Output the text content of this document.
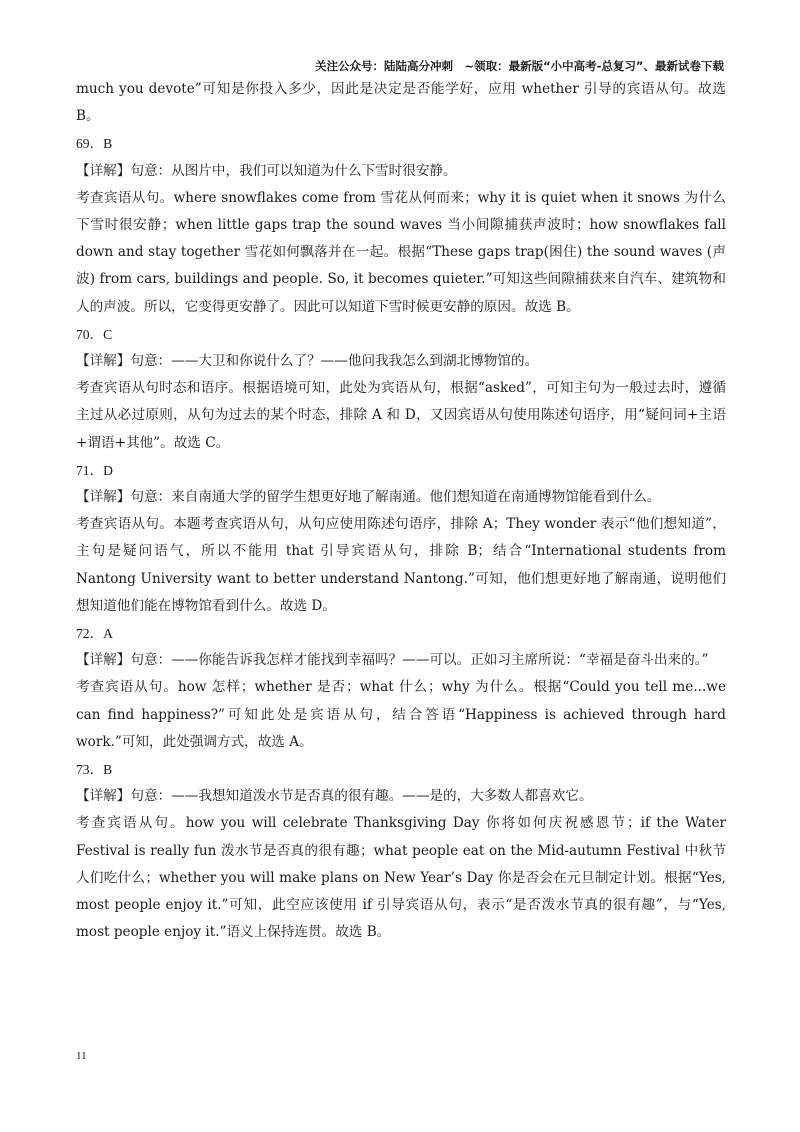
关注公众号：陆陆高分冲刺　~领取：最新版“小中高考-总复习”、最新试卷下载

much you devote”可知是你投入多少，因此是决定是否能学好，应用 whether 引导的宾语从句。故选 B。

69．B

【详解】句意：从图片中，我们可以知道为什么下雪时很安静。

考查宾语从句。where snowflakes come from 雪花从何而来；why it is quiet when it snows 为什么下雪时很安静；when little gaps trap the sound waves 当小间隙捕获声波时；how snowflakes fall down and stay together 雪花如何飘落并在一起。根据“These gaps trap(困住) the sound waves (声波) from cars, buildings and people. So, it becomes quieter.”可知这些间隙捕获来自汽车、建筑物和人的声波。所以，它变得更安静了。因此可以知道下雪时候更安静的原因。故选 B。

70．C

【详解】句意：——大卫和你说什么了？——他问我我怎么到湖北博物馆的。

考查宾语从句时态和语序。根据语境可知，此处为宾语从句，根据“asked”，可知主句为一般过去时，遵循主过从必过原则，从句为过去的某个时态，排除 A 和 D，又因宾语从句使用陈述句语序，用“疑问词+主语+谓语+其他”。故选 C。

71．D

【详解】句意：来自南通大学的留学生想更好地了解南通。他们想知道在南通博物馆能看到什么。

考查宾语从句。本题考查宾语从句，从句应使用陈述句语序，排除 A；They wonder 表示“他们想知道”，主句是疑问语气，所以不能用 that 引导宾语从句，排除 B；结合“International students from Nantong University want to better understand Nantong.”可知，他们想更好地了解南通，说明他们想知道他们能在博物馆看到什么。故选 D。

72．A

【详解】句意：——你能告诉我怎样才能找到幸福吗？——可以。正如习主席所说：“幸福是奋斗出来的。”

考查宾语从句。how 怎样；whether 是否；what 什么；why 为什么。根据“Could you tell me...we can find happiness?”可知此处是宾语从句，结合答语“Happiness is achieved through hard work.”可知，此处强调方式，故选 A。

73．B

【详解】句意：——我想知道泼水节是否真的很有趣。——是的，大多数人都喜欢它。

考查宾语从句。how you will celebrate Thanksgiving Day 你将如何庆祝感恩节；if the Water Festival is really fun 泼水节是否真的很有趣；what people eat on the Mid-autumn Festival 中秋节人们吃什么；whether you will make plans on New Year’s Day 你是否会在元旦制定计划。根据“Yes, most people enjoy it.”可知，此空应该使用 if 引导宾语从句，表示“是否泼水节真的很有趣”，与“Yes, most people enjoy it.”语义上保持连贯。故选 B。

11
